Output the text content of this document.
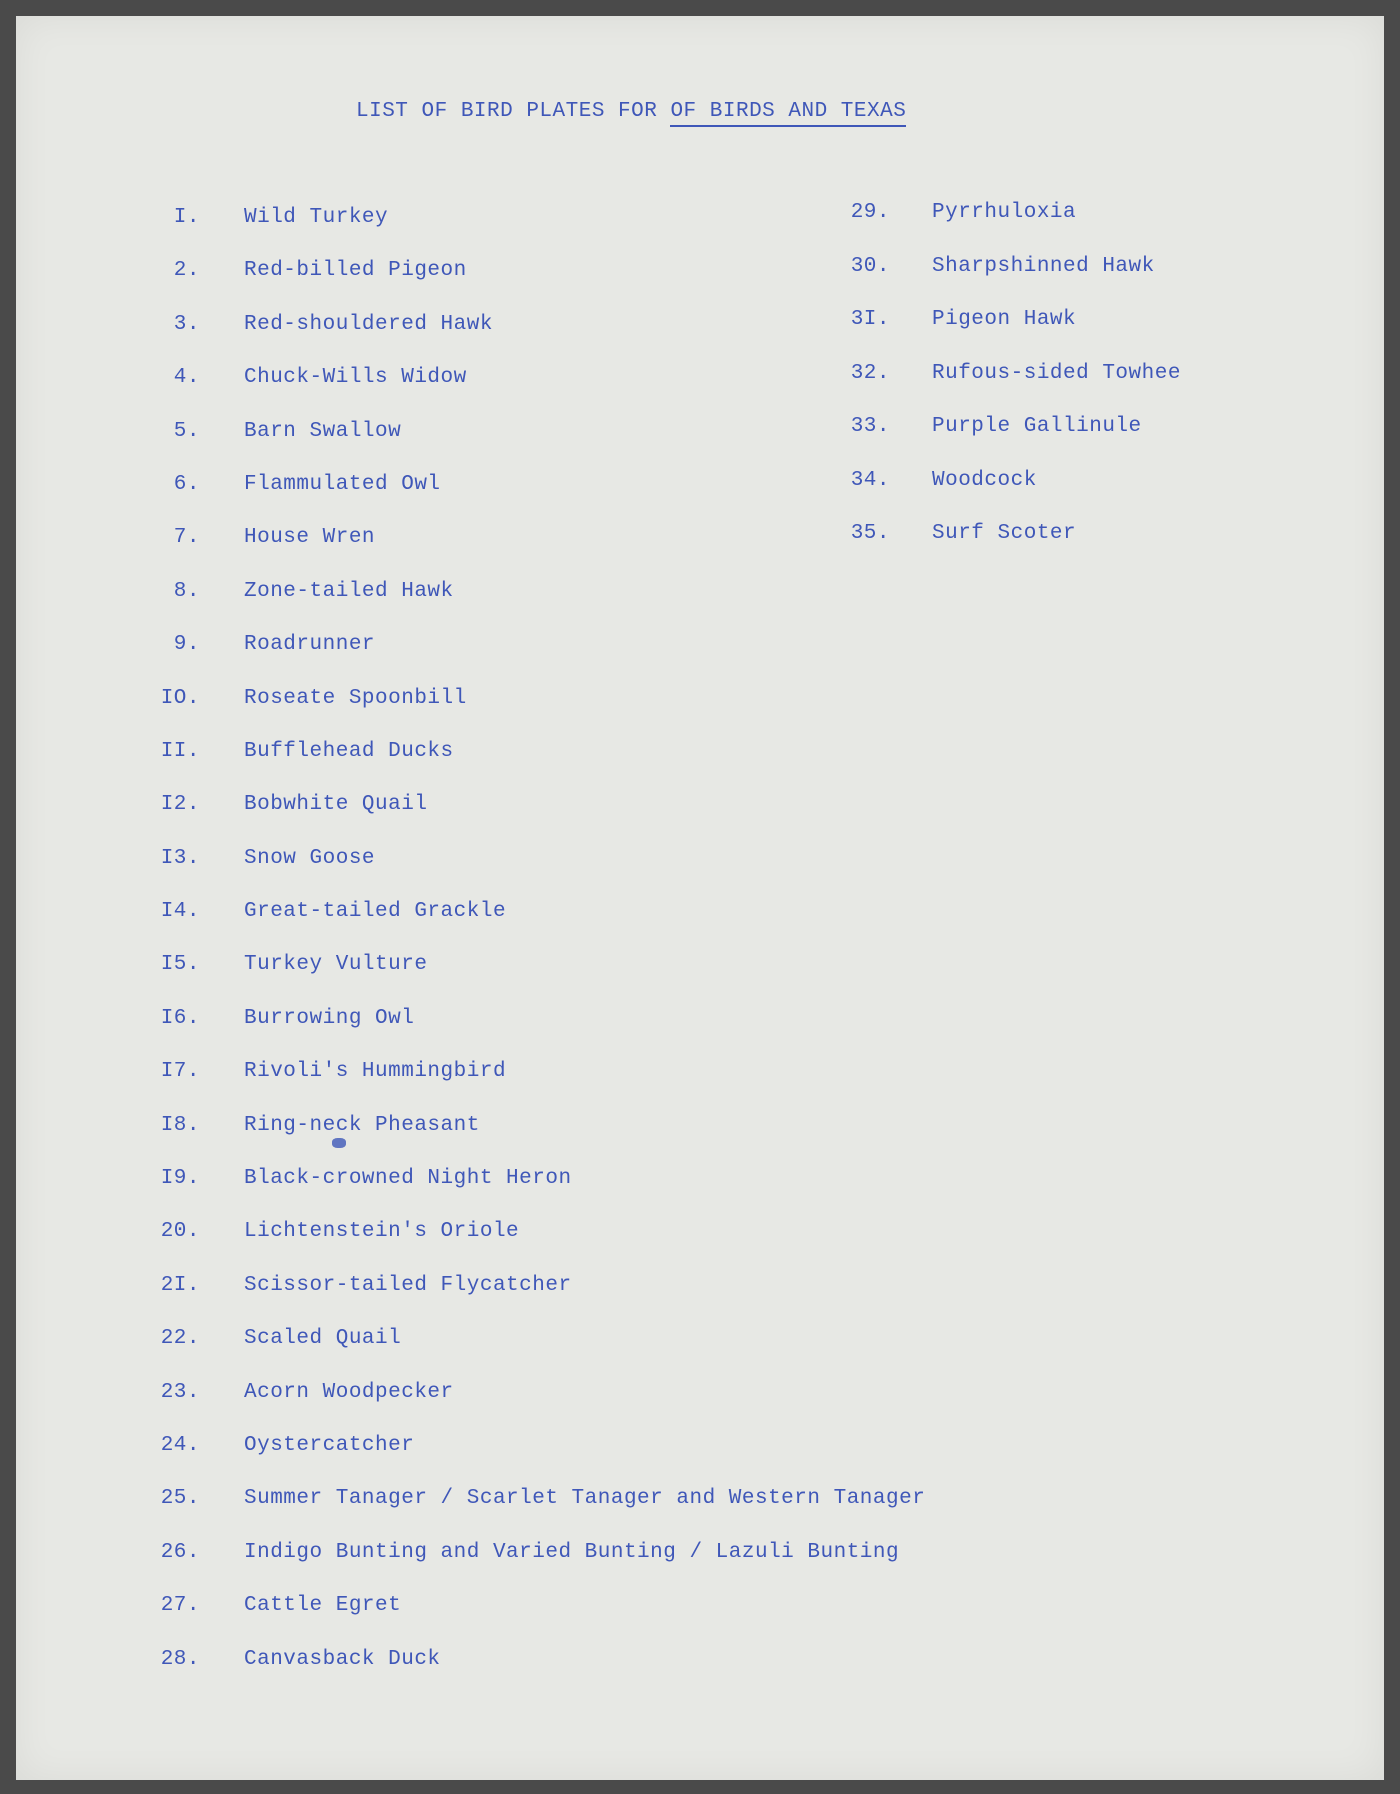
LIST OF BIRD PLATES FOR OF BIRDS AND TEXAS
I. Wild Turkey
2. Red-billed Pigeon
3. Red-shouldered Hawk
4. Chuck-Wills Widow
5. Barn Swallow
6. Flammulated Owl
7. House Wren
8. Zone-tailed Hawk
9. Roadrunner
IO. Roseate Spoonbill
II. Bufflehead Ducks
I2. Bobwhite Quail
I3. Snow Goose
I4. Great-tailed Grackle
I5. Turkey Vulture
I6. Burrowing Owl
I7. Rivoli's Hummingbird
I8. Ring-neck Pheasant
I9. Black-crowned Night Heron
20. Lichtenstein's Oriole
2I. Scissor-tailed Flycatcher
22. Scaled Quail
23. Acorn Woodpecker
24. Oystercatcher
25. Summer Tanager / Scarlet Tanager and Western Tanager
26. Indigo Bunting and Varied Bunting / Lazuli Bunting
27. Cattle Egret
28. Canvasback Duck
29. Pyrrhuloxia
30. Sharpshinned Hawk
3I. Pigeon Hawk
32. Rufous-sided Towhee
33. Purple Gallinule
34. Woodcock
35. Surf Scoter
